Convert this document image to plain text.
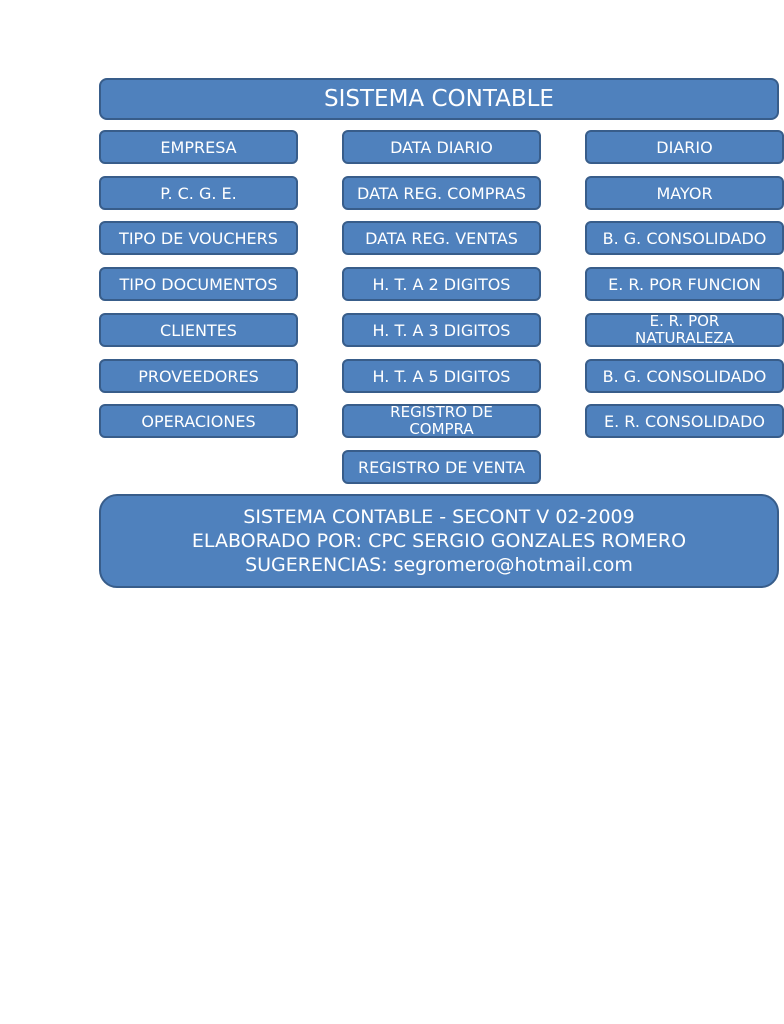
SISTEMA CONTABLE
EMPRESA
P. C. G. E.
TIPO DE VOUCHERS
TIPO DOCUMENTOS
CLIENTES
PROVEEDORES
OPERACIONES
DATA DIARIO
DATA REG. COMPRAS
DATA REG. VENTAS
H. T. A 2 DIGITOS
H. T. A 3 DIGITOS
H. T. A 5 DIGITOS
REGISTRO DE COMPRA
REGISTRO DE VENTA
DIARIO
MAYOR
B. G. CONSOLIDADO
E. R. POR FUNCION
E. R. POR NATURALEZA
B. G. CONSOLIDADO
E. R. CONSOLIDADO
SISTEMA CONTABLE - SECONT V 02-2009
ELABORADO POR: CPC SERGIO GONZALES ROMERO
SUGERENCIAS: segromero@hotmail.com
